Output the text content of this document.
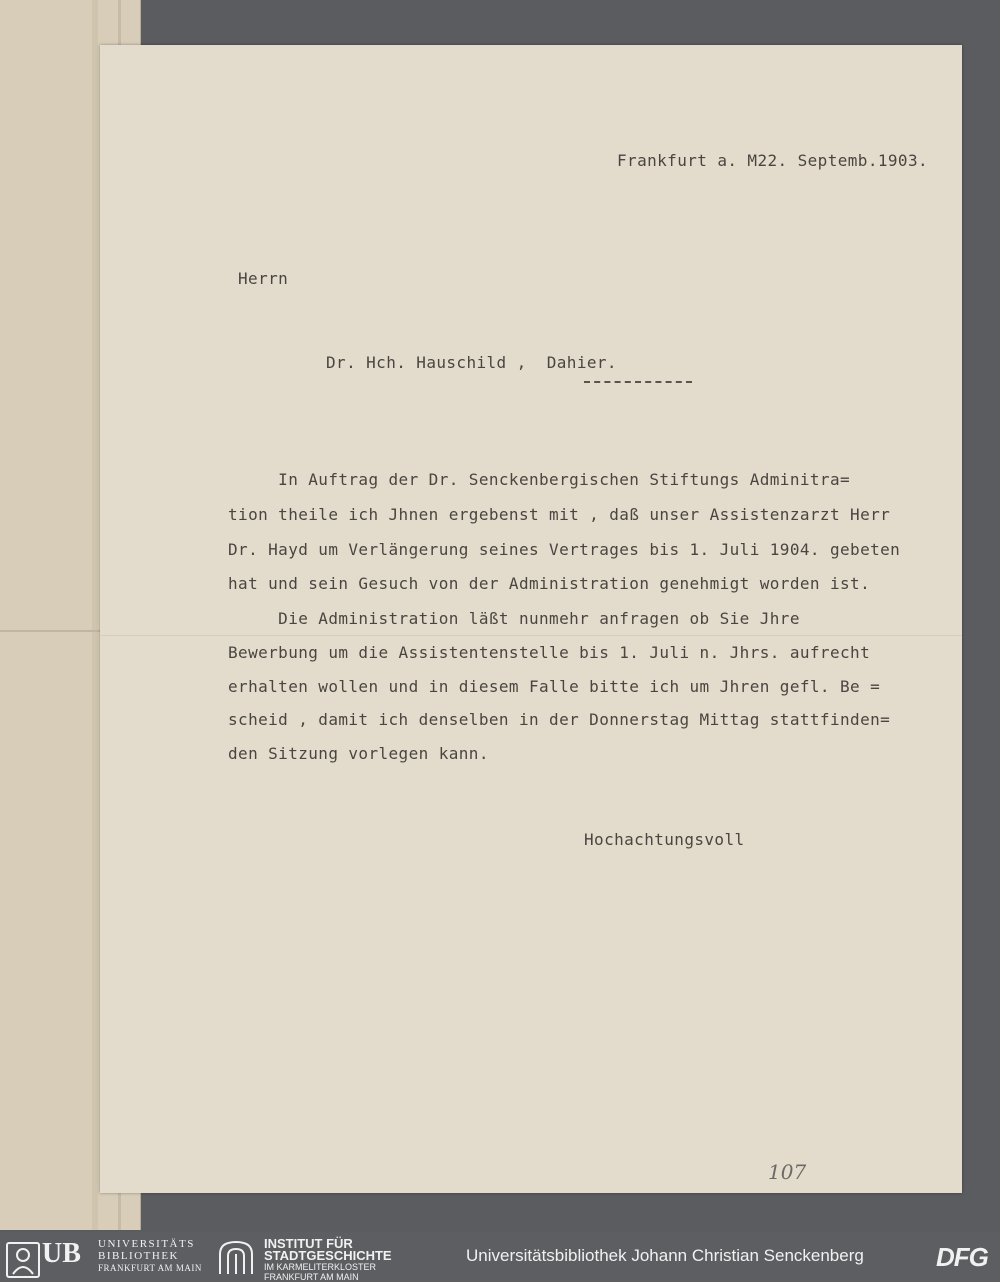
Frankfurt a. M22. Septemb.1903.
Herrn
Dr. Hch. Hauschild ,  Dahier.
In Auftrag der Dr. Senckenbergischen Stiftungs Adminitra=
tion theile ich Jhnen ergebenst mit , daß unser Assistenzarzt Herr
Dr. Hayd um Verlängerung seines Vertrages bis 1. Juli 1904. gebeten
hat und sein Gesuch von der Administration genehmigt worden ist.
Die Administration läßt nunmehr anfragen ob Sie Jhre
Bewerbung um die Assistentenstelle bis 1. Juli n. Jhrs. aufrecht
erhalten wollen und in diesem Falle bitte ich um Jhren gefl. Be =
scheid , damit ich denselben in der Donnerstag Mittag stattfinden=
den Sitzung vorlegen kann.
Hochachtungsvoll
107
UB UNIVERSITÄTS
BIBLIOTHEK
FRANKFURT AM MAIN
INSTITUT FÜR
STADTGESCHICHTE
IM KARMELITERKLOSTER
FRANKFURT AM MAIN
Universitätsbibliothek Johann Christian Senckenberg	DFG
